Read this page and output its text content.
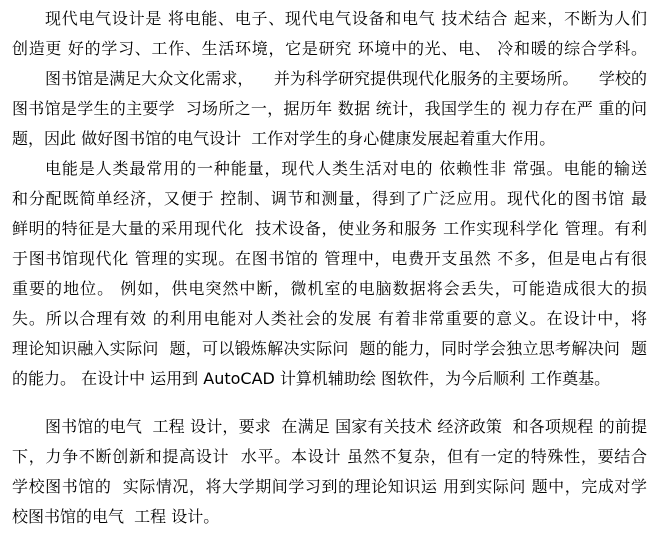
现代电气设计是 将电能、电子、现代电气设备和电气 技术结合 起来，不断为人们
创造更 好的学习、工作、生活环境，它是研究 环境中的光、电、 冷和暖的综合学科。
图书馆是满足大众文化需求，    并为科学研究提供现代化服务的主要场所。    学校的
图书馆是学生的主要学  习场所之一，据历年 数据 统计，我国学生的 视力存在严 重的问
题，因此 做好图书馆的电气设计  工作对学生的身心健康发展起着重大作用。
电能是人类最常用的一种能量，现代人类生活对电的 依赖性非 常强。电能的输送
和分配既简单经济，又便于 控制、调节和测量，得到了广泛应用。现代化的图书馆 最
鲜明的特征是大量的采用现代化  技术设备，使业务和服务 工作实现科学化 管理。有利
于图书馆现代化 管理的实现。在图书馆的 管理中，电费开支虽然 不多，但是电占有很
重要的地位。 例如，供电突然中断，微机室的电脑数据将会丢失，可能造成很大的损
失。所以合理有效 的利用电能对人类社会的发展 有着非常重要的意义。在设计中，将
理论知识融入实际问  题，可以锻炼解决实际问  题的能力，同时学会独立思考解决问  题
的能力。 在设计中 运用到 AutoCAD 计算机辅助绘 图软件，为今后顺利 工作奠基。
图书馆的电气  工程 设计，要求  在满足 国家有关技术 经济政策  和各项规程 的前提
下，力争不断创新和提高设计  水平。本设计 虽然不复杂，但有一定的特殊性，要结合
学校图书馆的  实际情况，将大学期间学习到的理论知识运 用到实际问 题中，完成对学
校图书馆的电气  工程 设计。
